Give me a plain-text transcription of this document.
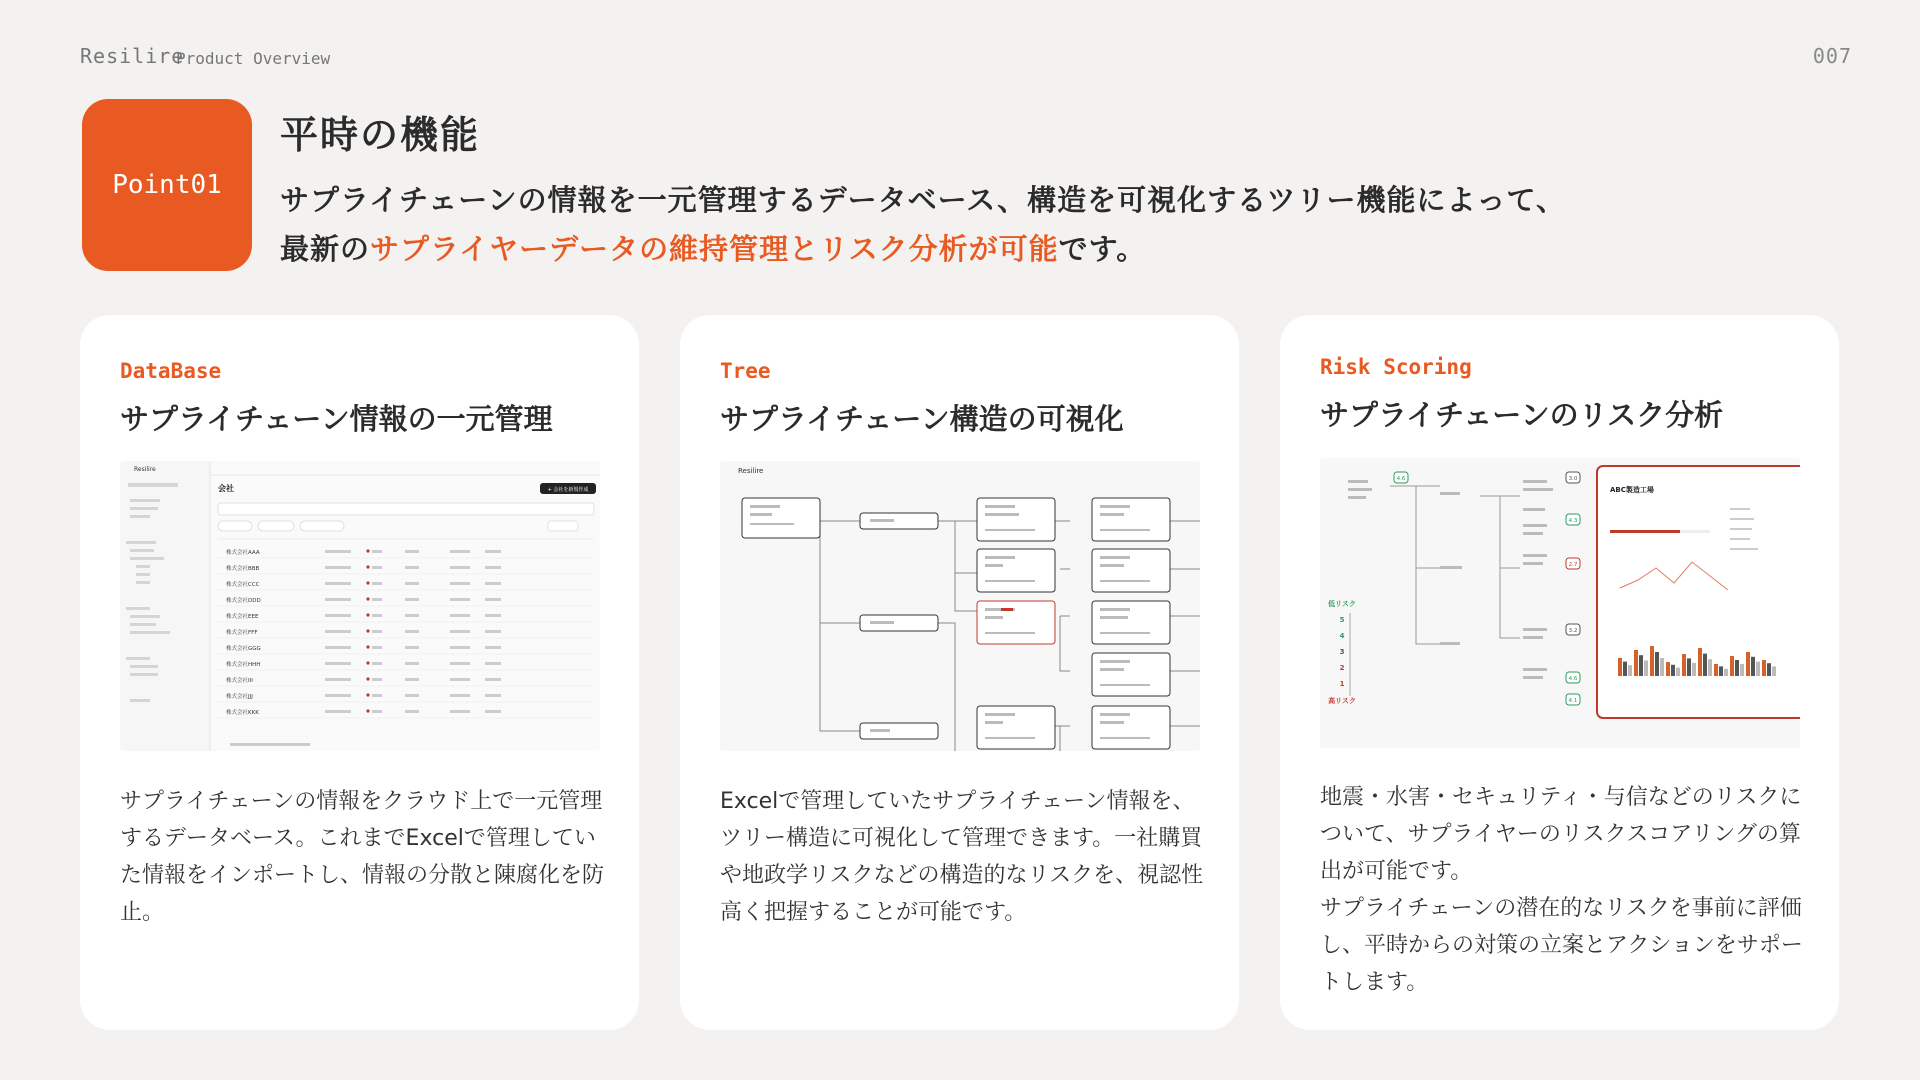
Resilire
Product Overview	007
Point01
平時の機能
サプライチェーンの情報を一元管理するデータベース、構造を可視化するツリー機能によって、
最新のサプライヤーデータの維持管理とリスク分析が可能です。
DataBase
サプライチェーン情報の一元管理
Resilire
会社	+ 会社を新規作成
株式会社AAA
株式会社BBB
株式会社CCC
株式会社DDD
株式会社EEE
株式会社FFF
株式会社GGG
株式会社HHH
株式会社III
株式会社JJJ
株式会社KKK
サプライチェーンの情報をクラウド上で一元管理するデータベース。これまでExcelで管理していた情報をインポートし、情報の分散と陳腐化を防止。
Tree
サプライチェーン構造の可視化
Resilire
Excelで管理していたサプライチェーン情報を、ツリー構造に可視化して管理できます。一社購買や地政学リスクなどの構造的なリスクを、視認性高く把握することが可能です。
Risk Scoring
サプライチェーンのリスク分析
4.6	3.0
4.3
2.7
3.2
4.6
4.1
低リスク
5
4
3
2
1
高リスク
ABC製造工場
地震・水害・セキュリティ・与信などのリスクについて、サプライヤーのリスクスコアリングの算出が可能です。
サプライチェーンの潜在的なリスクを事前に評価し、平時からの対策の立案とアクションをサポートします。
